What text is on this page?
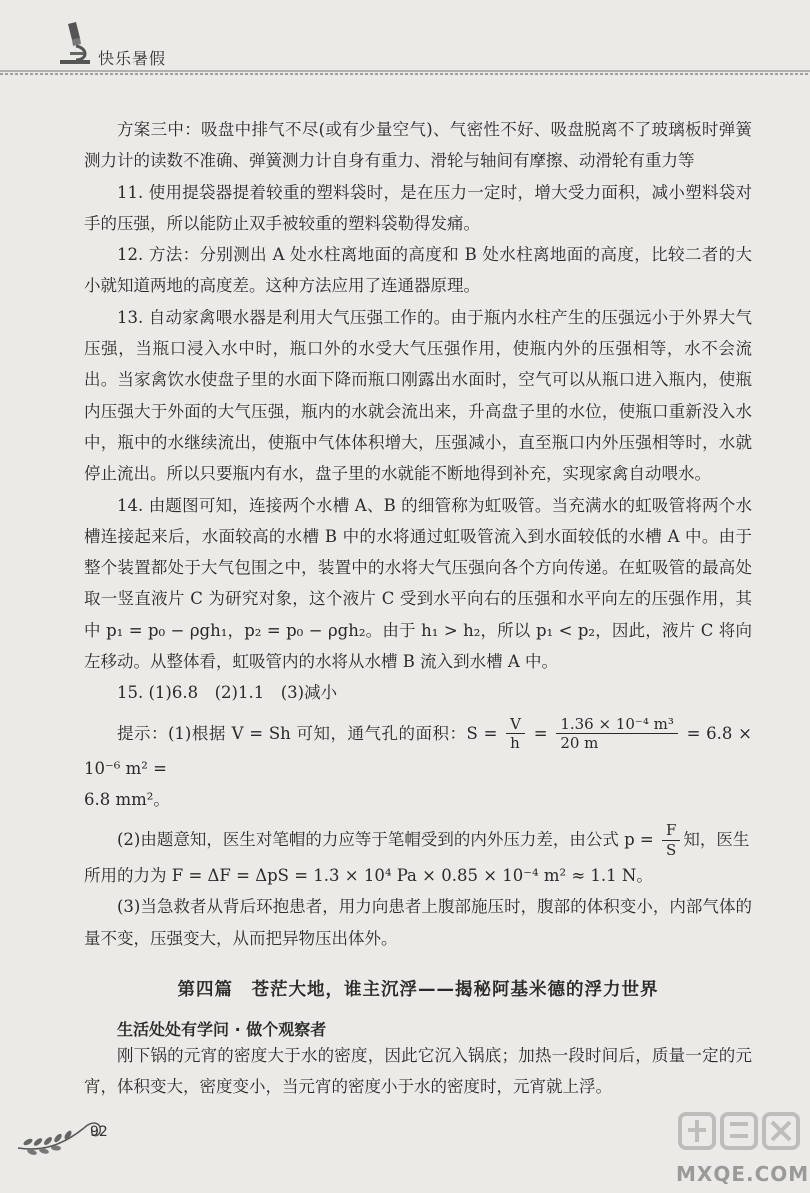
快乐暑假

方案三中：吸盘中排气不尽(或有少量空气)、气密性不好、吸盘脱离不了玻璃板时弹簧测力计的读数不准确、弹簧测力计自身有重力、滑轮与轴间有摩擦、动滑轮有重力等

11. 使用提袋器提着较重的塑料袋时，是在压力一定时，增大受力面积，减小塑料袋对手的压强，所以能防止双手被较重的塑料袋勒得发痛。

12. 方法：分别测出 A 处水柱离地面的高度和 B 处水柱离地面的高度，比较二者的大小就知道两地的高度差。这种方法应用了连通器原理。

13. 自动家禽喂水器是利用大气压强工作的。由于瓶内水柱产生的压强远小于外界大气压强，当瓶口浸入水中时，瓶口外的水受大气压强作用，使瓶内外的压强相等，水不会流出。当家禽饮水使盘子里的水面下降而瓶口刚露出水面时，空气可以从瓶口进入瓶内，使瓶内压强大于外面的大气压强，瓶内的水就会流出来，升高盘子里的水位，使瓶口重新没入水中，瓶中的水继续流出，使瓶中气体体积增大，压强减小，直至瓶口内外压强相等时，水就停止流出。所以只要瓶内有水，盘子里的水就能不断地得到补充，实现家禽自动喂水。

14. 由题图可知，连接两个水槽 A、B 的细管称为虹吸管。当充满水的虹吸管将两个水槽连接起来后，水面较高的水槽 B 中的水将通过虹吸管流入到水面较低的水槽 A 中。由于整个装置都处于大气包围之中，装置中的水将大气压强向各个方向传递。在虹吸管的最高处取一竖直液片 C 为研究对象，这个液片 C 受到水平向右的压强和水平向左的压强作用，其中 p₁ = p₀ − ρgh₁，p₂ = p₀ − ρgh₂。由于 h₁ > h₂，所以 p₁ < p₂，因此，液片 C 将向左移动。从整体看，虹吸管内的水将从水槽 B 流入到水槽 A 中。

15. (1)6.8　(2)1.1　(3)减小

提示：(1)根据 V = Sh 可知，通气孔的面积：$S = \frac{V}{h} = \frac{\text{1.36 × 10⁻⁴ m³}}{20 m} = 6.8 \times 10^{-6}$ m² =

6.8 mm²。

(2)由题意知，医生对笔帽的力应等于笔帽受到的内外压力差，由公式 $p = \frac{F}{S}$ 知，医生

所用的力为 F = ΔF = ΔpS = 1.3 × 10⁴ Pa × 0.85 × 10⁻⁴ m² ≈ 1.1 N。

(3)当急救者从背后环抱患者，用力向患者上腹部施压时，腹部的体积变小，内部气体的量不变，压强变大，从而把异物压出体外。

第四篇　苍茫大地，谁主沉浮——揭秘阿基米德的浮力世界
生活处处有学问 · 做个观察者

刚下锅的元宵的密度大于水的密度，因此它沉入锅底；加热一段时间后，质量一定的元宵，体积变大，密度变小，当元宵的密度小于水的密度时，元宵就上浮。

92
MXQE.COM
